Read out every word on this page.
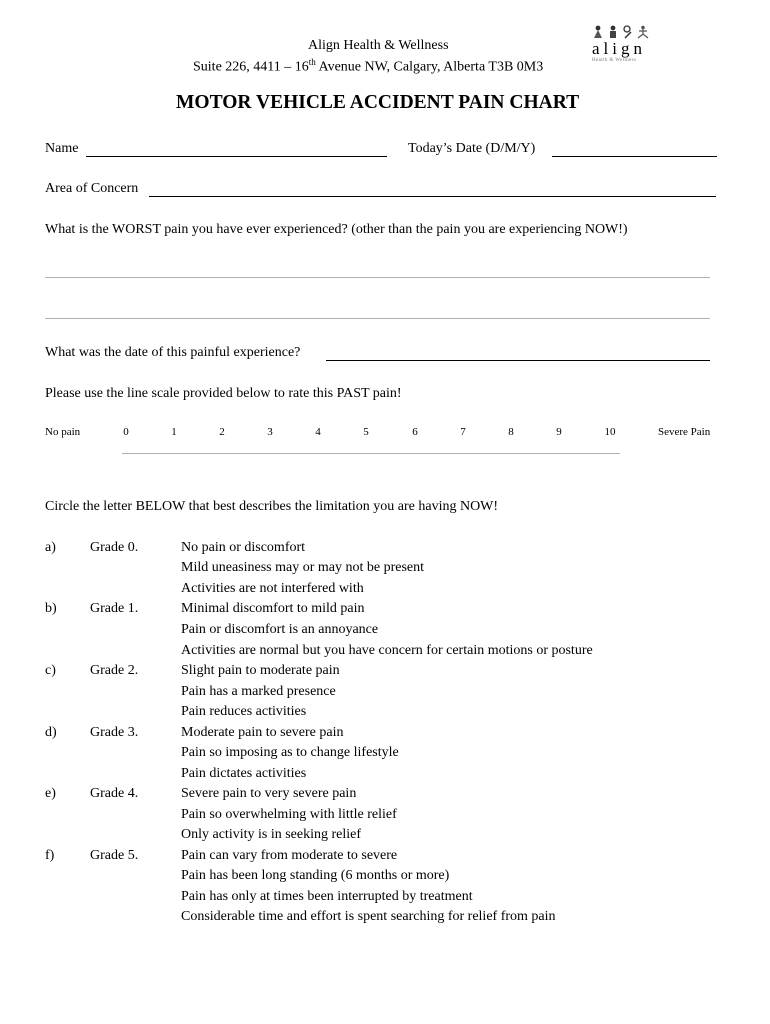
Align Health & Wellness
Suite 226, 4411 – 16th Avenue NW, Calgary, Alberta T3B 0M3
align
Health & Wellness
MOTOR VEHICLE ACCIDENT PAIN CHART
Name	Today’s Date (D/M/Y)
Area of Concern
What is the WORST pain you have ever experienced? (other than the pain you are experiencing NOW!)
What was the date of this painful experience?
Please use the line scale provided below to rate this PAST pain!
No pain	0	1	2	3	4	5	6	7	8	9	10	Severe Pain
Circle the letter BELOW that best describes the limitation you are having NOW!
a) Grade 0.	No pain or discomfort
Mild uneasiness may or may not be present
Activities are not interfered with
b) Grade 1.	Minimal discomfort to mild pain
Pain or discomfort is an annoyance
Activities are normal but you have concern for certain motions or posture
c) Grade 2.	Slight pain to moderate pain
Pain has a marked presence
Pain reduces activities
d) Grade 3.	Moderate pain to severe pain
Pain so imposing as to change lifestyle
Pain dictates activities
e) Grade 4.	Severe pain to very severe pain
Pain so overwhelming with little relief
Only activity is in seeking relief
f)	Grade 5.	Pain can vary from moderate to severe
Pain has been long standing (6 months or more)
Pain has only at times been interrupted by treatment
Considerable time and effort is spent searching for relief from pain
